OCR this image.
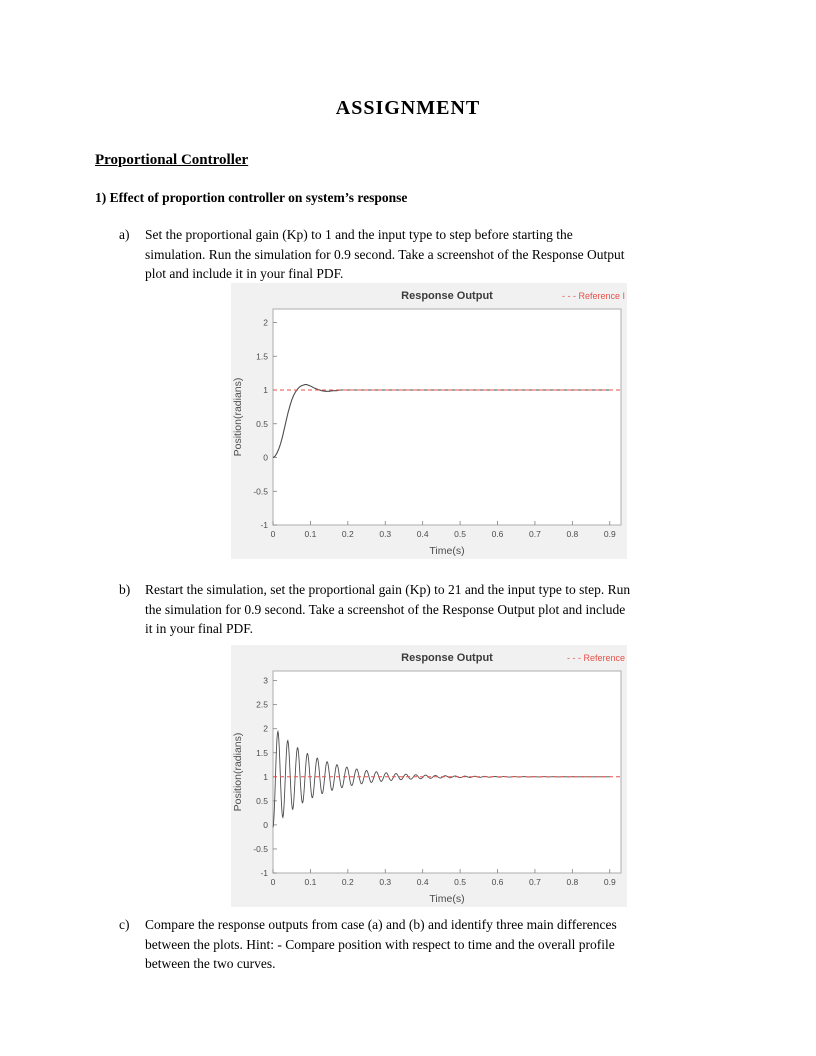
ASSIGNMENT
Proportional Controller
1) Effect of proportion controller on system’s response
a)	Set the proportional gain (Kp) to 1 and the input type to step before starting the
simulation. Run the simulation for 0.9 second. Take a screenshot of the Response Output
plot and include it in your final PDF.
0	0.1	0.2	0.3	0.4	0.5	0.6	0.7	0.8	0.9
-1
-0.5
0
0.5
1
1.5
2
Response Output	- - - Reference I
Time(s)
Position(radians)
b)	Restart the simulation, set the proportional gain (Kp) to 21 and the input type to step. Run
the simulation for 0.9 second. Take a screenshot of the Response Output plot and include
it in your final PDF.
0	0.1	0.2	0.3	0.4	0.5	0.6	0.7	0.8	0.9
-1
-0.5
0
0.5
1
1.5
2
2.5
3
Response Output	- - - Reference
Time(s)
Position(radians)
c)	Compare the response outputs from case (a) and (b) and identify three main differences
between the plots. Hint: - Compare position with respect to time and the overall profile
between the two curves.
